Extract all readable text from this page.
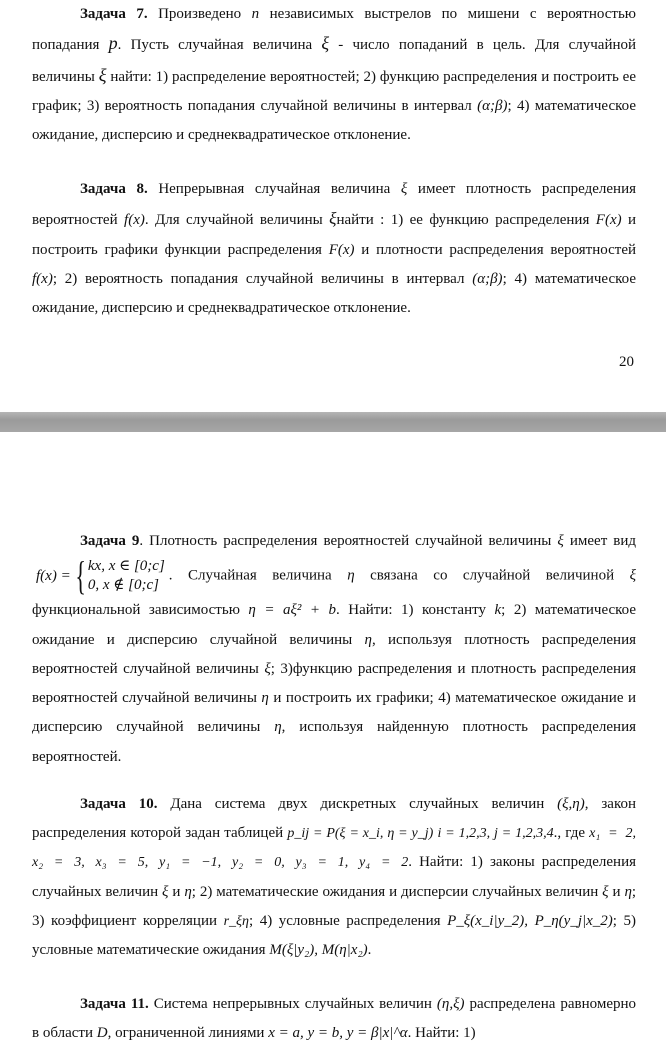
Задача 7. Произведено n независимых выстрелов по мишени с вероятностью попадания p. Пусть случайная величина ξ - число попаданий в цель. Для случайной величины ξ найти: 1) распределение вероятностей; 2) функцию распределения и построить ее график; 3) вероятность попадания случайной величины в интервал (α;β); 4) математическое ожидание, дисперсию и среднеквадратическое отклонение.
Задача 8. Непрерывная случайная величина ξ имеет плотность распределения вероятностей f(x). Для случайной величины ξнайти : 1) ее функцию распределения F(x) и построить графики функции распределения F(x) и плотности распределения вероятностей f(x); 2) вероятность попадания случайной величины в интервал (α;β); 4) математическое ожидание, дисперсию и среднеквадратическое отклонение.
20
Задача 9. Плотность распределения вероятностей случайной величины ξ имеет вид
f(x) = { kx, x ∈ [0;c]
0, x ∉ [0;c]
. Случайная величина η связана со случайной величиной ξ функциональной зависимостью η = aξ² + b. Найти: 1) константу k; 2) математическое ожидание и дисперсию случайной величины η, используя плотность распределения вероятностей случайной величины ξ; 3)функцию распределения и плотность распределения вероятностей случайной величины η и построить их графики; 4) математическое ожидание и дисперсию случайной величины η, используя найденную плотность распределения вероятностей.
Задача 10. Дана система двух дискретных случайных величин (ξ,η), закон распределения которой задан таблицей p_ij = P(ξ = x_i, η = y_j) i = 1,2,3, j = 1,2,3,4., где x₁ = 2, x₂ = 3, x₃ = 5, y₁ = −1, y₂ = 0, y₃ = 1, y₄ = 2. Найти: 1) законы распределения случайных величин ξ и η; 2) математические ожидания и дисперсии случайных величин ξ и η; 3) коэффициент корреляции r_ξη; 4) условные распределения P_ξ(x_i|y_2), P_η(y_j|x_2); 5) условные математические ожидания M(ξ|y₂), M(η|x₂).
Задача 11. Система непрерывных случайных величин (η,ξ) распределена равномерно в области D, ограниченной линиями x = a, y = b, y = β|x|^α. Найти: 1)
